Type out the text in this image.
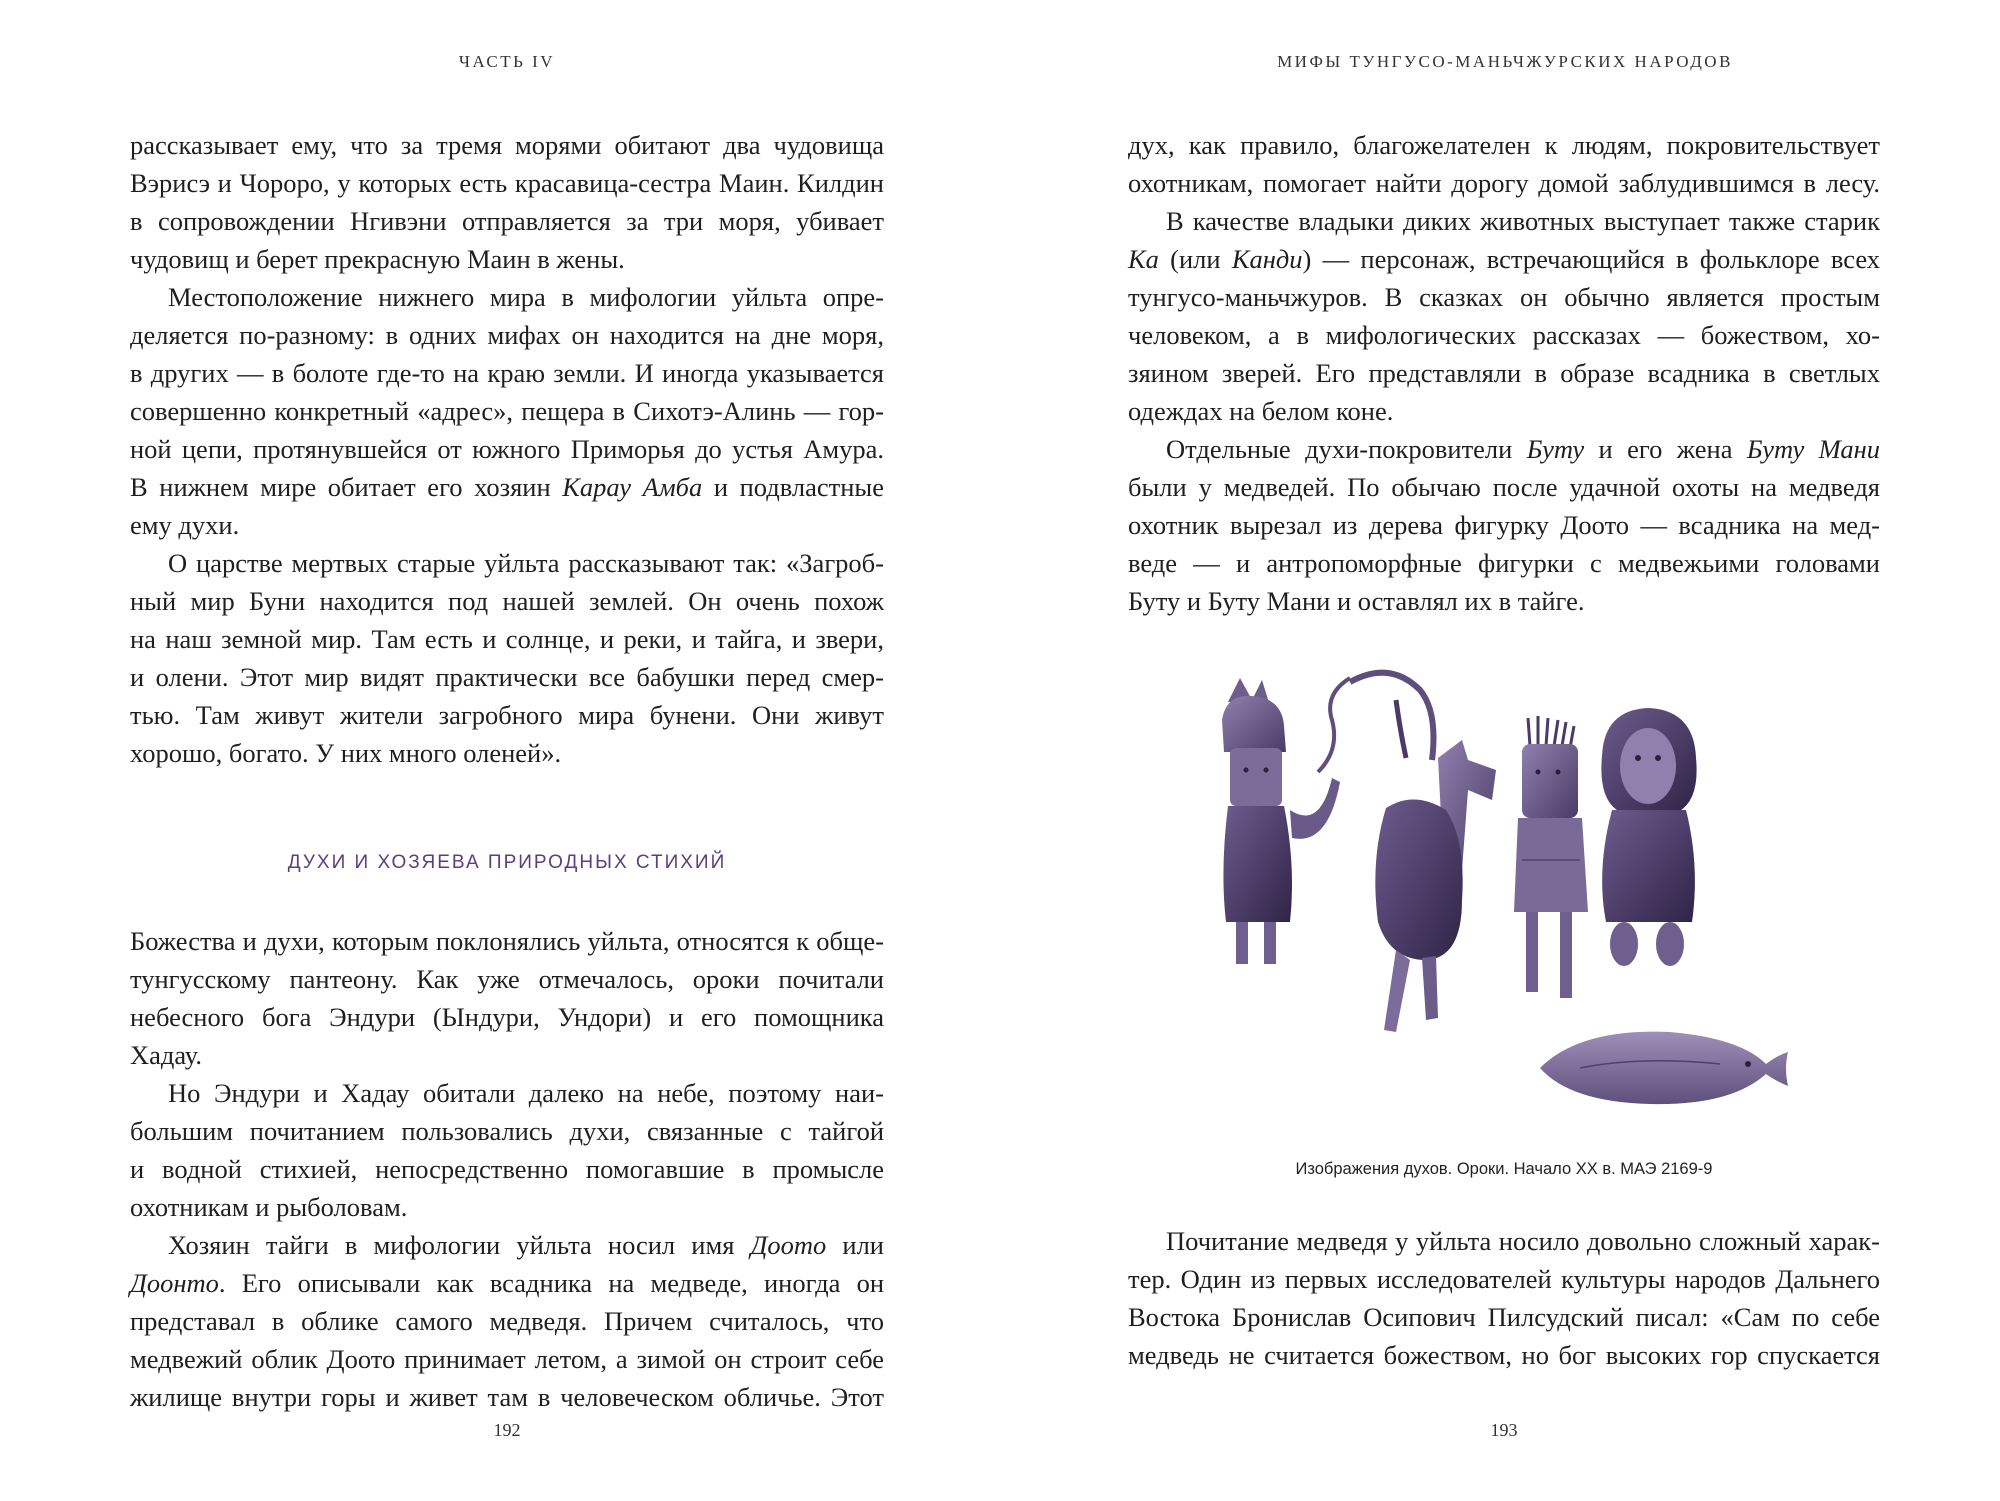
ЧАСТЬ IV
рассказывает ему, что за тремя морями обитают два чудовища
Вэрисэ и Чороро, у которых есть красавица-сестра Маин. Килдин
в сопровождении Нгивэни отправляется за три моря, убивает
чудовищ и берет прекрасную Маин в жены.
Местоположение нижнего мира в мифологии уйльта опре-
деляется по-разному: в одних мифах он находится на дне моря,
в других — в болоте где-то на краю земли. И иногда указывается
совершенно конкретный «адрес», пещера в Сихотэ-Алинь — гор-
ной цепи, протянувшейся от южного Приморья до устья Амура.
В нижнем мире обитает его хозяин Карау Амба и подвластные
ему духи.
О царстве мертвых старые уйльта рассказывают так: «Загроб-
ный мир Буни находится под нашей землей. Он очень похож
на наш земной мир. Там есть и солнце, и реки, и тайга, и звери,
и олени. Этот мир видят практически все бабушки перед смер-
тью. Там живут жители загробного мира бунени. Они живут
хорошо, богато. У них много оленей».
ДУХИ И ХОЗЯЕВА ПРИРОДНЫХ СТИХИЙ
Божества и духи, которым поклонялись уйльта, относятся к обще-
тунгусскому пантеону. Как уже отмечалось, ороки почитали
небесного бога Эндури (Ындури, Ундори) и его помощника Хадау.
Но Эндури и Хадау обитали далеко на небе, поэтому наи-
большим почитанием пользовались духи, связанные с тайгой
и водной стихией, непосредственно помогавшие в промысле
охотникам и рыболовам.
Хозяин тайги в мифологии уйльта носил имя Доото или
Доонто. Его описывали как всадника на медведе, иногда он
представал в облике самого медведя. Причем считалось, что
медвежий облик Доото принимает летом, а зимой он строит себе
жилище внутри горы и живет там в человеческом обличье. Этот
192
МИФЫ ТУНГУСО-МАНЬЧЖУРСКИХ НАРОДОВ
дух, как правило, благожелателен к людям, покровительствует
охотникам, помогает найти дорогу домой заблудившимся в лесу.
В качестве владыки диких животных выступает также старик
Ка (или Канди) — персонаж, встречающийся в фольклоре всех
тунгусо-маньчжуров. В сказках он обычно является простым
человеком, а в мифологических рассказах — божеством, хо-
зяином зверей. Его представляли в образе всадника в светлых
одеждах на белом коне.
Отдельные духи-покровители Буту и его жена Буту Мани
были у медведей. По обычаю после удачной охоты на медведя
охотник вырезал из дерева фигурку Доото — всадника на мед-
веде — и антропоморфные фигурки с медвежьими головами
Буту и Буту Мани и оставлял их в тайге.
Изображения духов. Ороки. Начало XX в. МАЭ 2169-9
Почитание медведя у уйльта носило довольно сложный харак-
тер. Один из первых исследователей культуры народов Дальнего
Востока Бронислав Осипович Пилсудский писал: «Сам по себе
медведь не считается божеством, но бог высоких гор спускается
193
